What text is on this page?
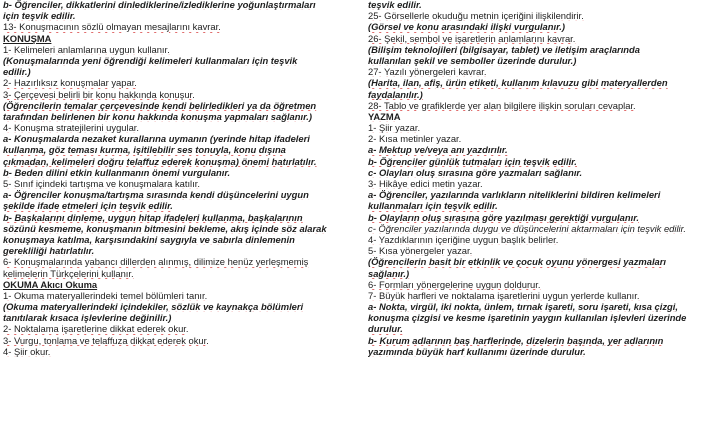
b- Öğrenciler, dikkatlerini dinlediklerine/izlediklerine yoğunlaştırmaları
için teşvik edilir.
13- Konuşmacının sözlü olmayan mesajlarını kavrar.
KONUŞMA
1- Kelimeleri anlamlarına uygun kullanır.
(Konuşmalarında yeni öğrendiği kelimeleri kullanmaları için teşvik
edilir.)
2- Hazırlıksız konuşmalar yapar.
3- Çerçevesi belirli bir konu hakkında konuşur.
(Öğrencilerin temalar çerçevesinde kendi belirledikleri ya da öğretmen
tarafından belirlenen bir konu hakkında konuşma yapmaları sağlanır.)
4- Konuşma stratejilerini uygular.
a- Konuşmalarda nezaket kurallarına uymanın (yerinde hitap ifadeleri
kullanma, göz teması kurma, işitilebilir ses tonuyla, konu dışına
çıkmadan, kelimeleri doğru telaffuz ederek konuşma) önemi hatırlatılır.
b- Beden dilini etkin kullanmanın önemi vurgulanır.
5- Sınıf içindeki tartışma ve konuşmalara katılır.
a- Öğrenciler konuşma/tartışma sırasında kendi düşüncelerini uygun
şekilde ifade etmeleri için teşvik edilir.
b- Başkalarını dinleme, uygun hitap ifadeleri kullanma, başkalarının
sözünü kesmeme, konuşmanın bitmesini bekleme, akış içinde söz alarak
konuşmaya katılma, karşısındakini saygıyla ve sabırla dinlemenin
gerekliliği hatırlatılır.
6- Konuşmalarında yabancı dillerden alınmış, dilimize henüz yerleşmemiş
kelimelerin Türkçelerini kullanır.
OKUMA Akıcı Okuma
1- Okuma materyallerindeki temel bölümleri tanır.
(Okuma materyallerindeki içindekiler, sözlük ve kaynakça bölümleri
tanıtılarak kısaca işlevlerine değinilir.)
2- Noktalama işaretlerine dikkat ederek okur.
3- Vurgu, tonlama ve telaffuza dikkat ederek okur.
4- Şiir okur.
teşvik edilir.
25- Görsellerle okuduğu metnin içeriğini ilişkilendirir.
(Görsel ve konu arasındaki ilişki vurgulanır.)
26- Şekil, sembol ve işaretlerin anlamlarını kavrar.
(Bilişim teknolojileri (bilgisayar, tablet) ve iletişim araçlarında
kullanılan şekil ve semboller üzerinde durulur.)
27- Yazılı yönergeleri kavrar.
(Harita, ilan, afiş, ürün etiketi, kullanım kılavuzu gibi materyallerden
faydalanılır.)
28- Tablo ve grafiklerde yer alan bilgilere ilişkin soruları cevaplar.
YAZMA
1- Şiir yazar.
2- Kısa metinler yazar.
a- Mektup ve/veya anı yazdırılır.
b- Öğrenciler günlük tutmaları için teşvik edilir.
c- Olayları oluş sırasına göre yazmaları sağlanır.
3- Hikâye edici metin yazar.
a- Öğrenciler, yazılarında varlıkların niteliklerini bildiren kelimeleri
kullanmaları için teşvik edilir.
b- Olayların oluş sırasına göre yazılması gerektiği vurgulanır.
c- Öğrenciler yazılarında duygu ve düşüncelerini aktarmaları için teşvik edilir.
4- Yazdıklarının içeriğine uygun başlık belirler.
5- Kısa yönergeler yazar.
(Öğrencilerin basit bir etkinlik ve çocuk oyunu yönergesi yazmaları
sağlanır.)
6- Formları yönergelerine uygun doldurur.
7- Büyük harfleri ve noktalama işaretlerini uygun yerlerde kullanır.
a- Nokta, virgül, iki nokta, ünlem, tırnak işareti, soru işareti, kısa çizgi,
konuşma çizgisi ve kesme işaretinin yaygın kullanılan işlevleri üzerinde
durulur.
b- Kurum adlarının baş harflerinde, dizelerin başında, yer adlarının
yazımında büyük harf kullanımı üzerinde durulur.
